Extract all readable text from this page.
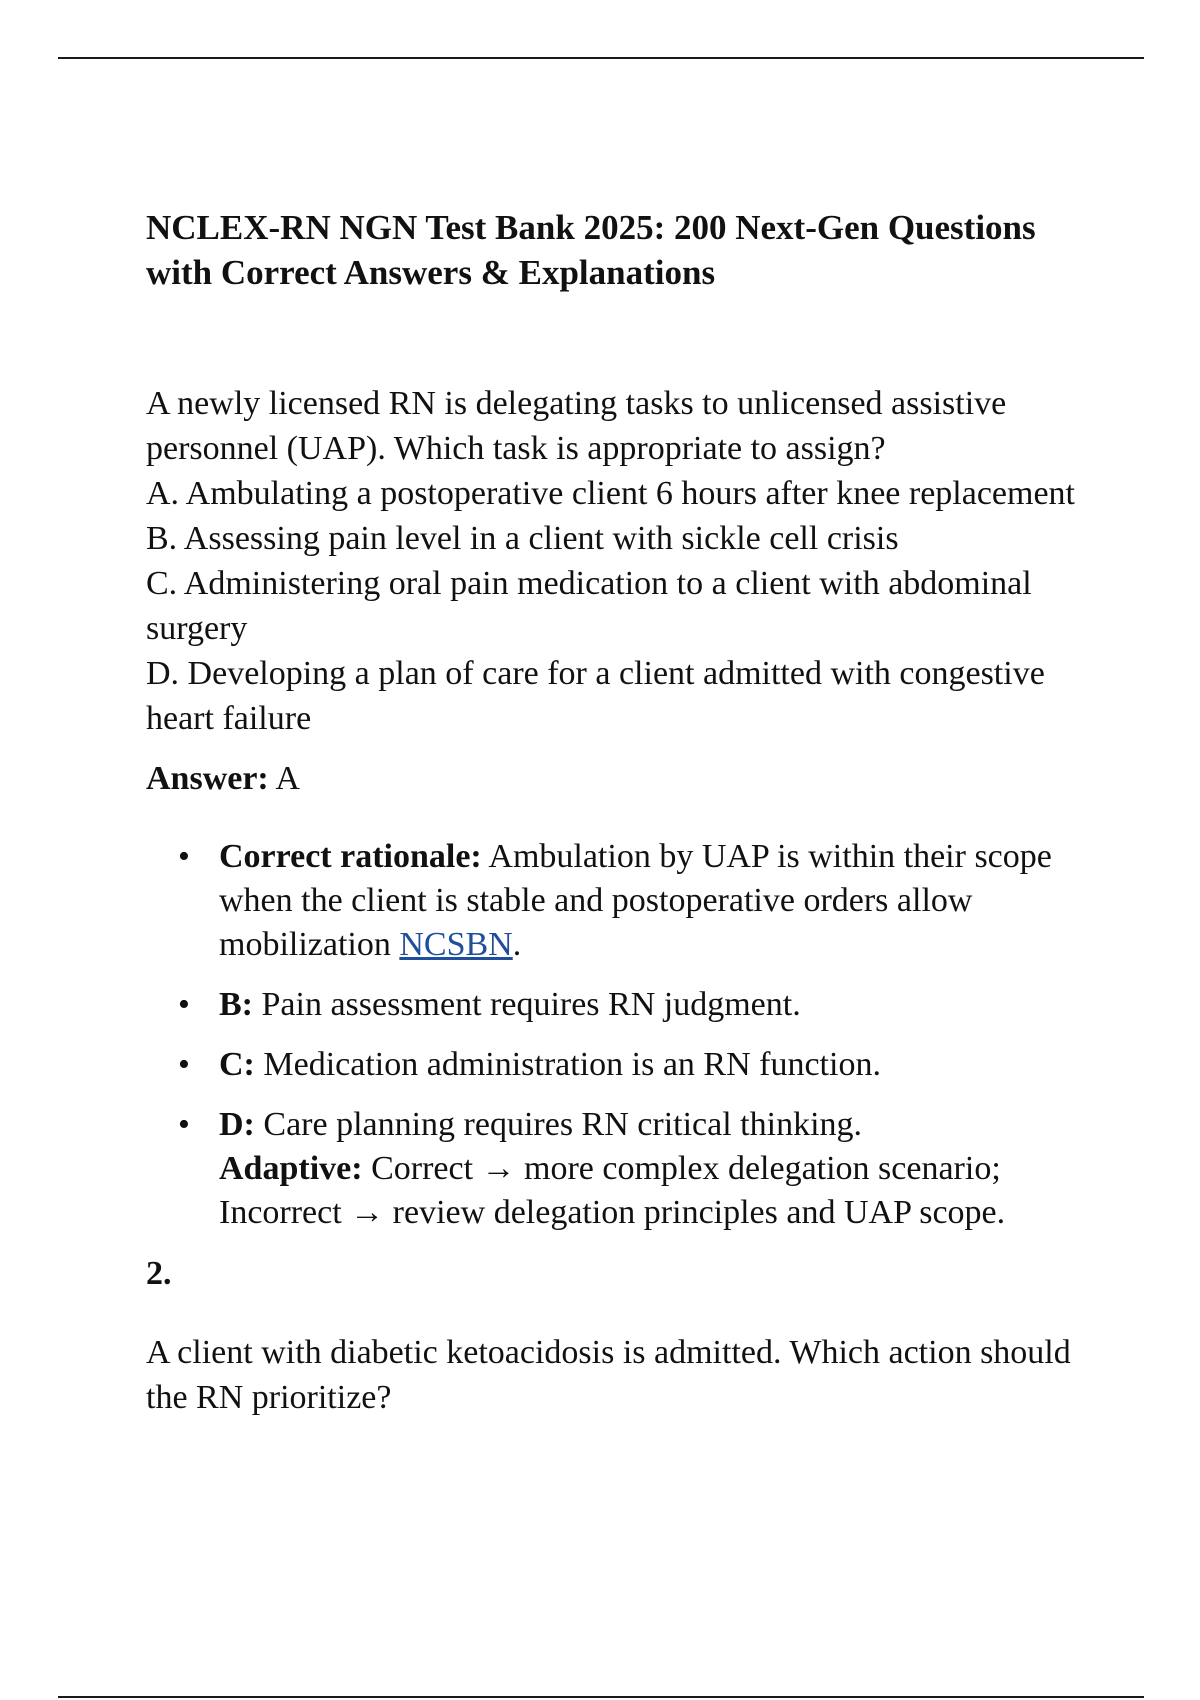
NCLEX-RN NGN Test Bank 2025: 200 Next-Gen Questions with Correct Answers & Explanations

A newly licensed RN is delegating tasks to unlicensed assistive personnel (UAP). Which task is appropriate to assign?

A. Ambulating a postoperative client 6 hours after knee replacement

B. Assessing pain level in a client with sickle cell crisis

C. Administering oral pain medication to a client with abdominal surgery

D. Developing a plan of care for a client admitted with congestive heart failure

Answer: A

• Correct rationale: Ambulation by UAP is within their scope when the client is stable and postoperative orders allow mobilization NCSBN.
• B: Pain assessment requires RN judgment.
• C: Medication administration is an RN function.
• D: Care planning requires RN critical thinking.
Adaptive: Correct → more complex delegation scenario; Incorrect → review delegation principles and UAP scope.

2.

A client with diabetic ketoacidosis is admitted. Which action should the RN prioritize?
